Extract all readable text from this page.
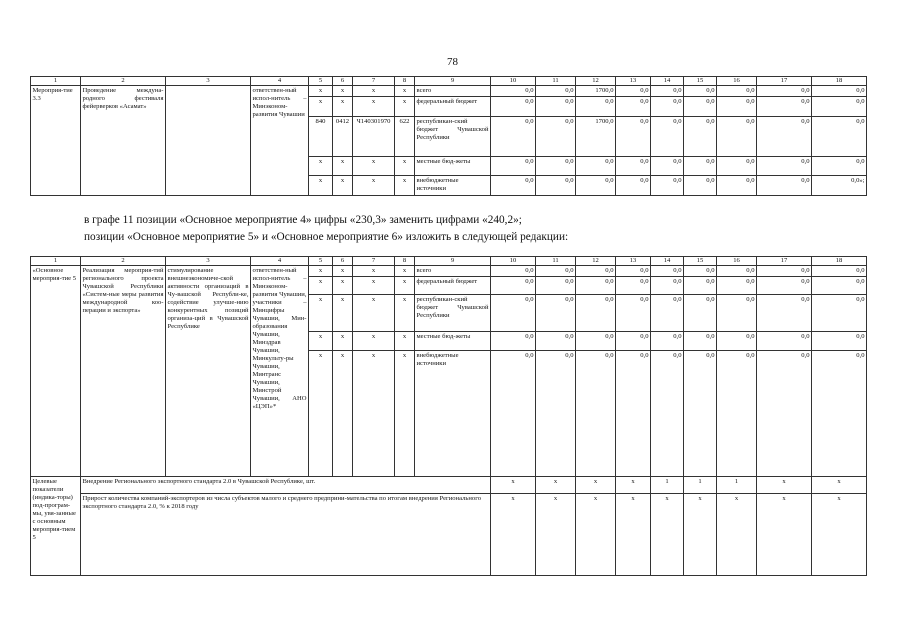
78
1	2	3	4	5	6	7	8	9	10	11	12	13	14	15	16	17	18
Мероприя-тие 3.3	Проведение междуна-родного фестиваля фейерверков «Асамат»		ответствен-ный испол-нитель – Минэконом-развития Чувашии	х	х	х	х	всего	0,0	0,0	1700,0	0,0	0,0	0,0	0,0	0,0	0,0
				х	х	х	х	федеральный бюджет	0,0	0,0	0,0	0,0	0,0	0,0	0,0	0,0	0,0
				840	0412	Ч140301970	622	республикан-ский бюджет Чувашской Республики	0,0	0,0	1700,0	0,0	0,0	0,0	0,0	0,0	0,0
				х	х	х	х	местные бюд-жеты	0,0	0,0	0,0	0,0	0,0	0,0	0,0	0,0	0,0
				х	х	х	х	внебюджетные источники	0,0	0,0	0,0	0,0	0,0	0,0	0,0	0,0	0,0»;
в графе 11 позиции «Основное мероприятие 4» цифры «230,3» заменить цифрами «240,2»;
позиции «Основное мероприятие 5» и «Основное мероприятие 6» изложить в следующей редакции:
1	2	3	4	5	6	7	8	9	10	11	12	13	14	15	16	17	18	
«Основное мероприя-тие 5	Реализация мероприя-тий регионального проекта Чувашской Республики «Систем-ные меры развития международной коо-перации и экспорта»	стимулирование внешнеэкономиче-ской активности организаций в Чу-вашской Республи-ке, содействие улучше-нию конкурентных позиций организа-ций в Чувашской Республике	ответствен-ный испол-нитель – Минэконом-развития Чувашии, участники – Минцифры Чувашии, Мин-образования Чувашии, Минздрав Чувашии, Минкульту-ры Чувашии, Минтранс Чувашии, Минстрой Чувашии, АНО «ЦЭП»*	х	х	х	х	всего	0,0	0,0	0,0	0,0	0,0	0,0	0,0	0,0	0,0	
				х	х	х	х	федеральный бюджет	0,0	0,0	0,0	0,0	0,0	0,0	0,0	0,0	0,0	
				х	х	х	х	республикан-ский бюджет Чувашской Республики	0,0	0,0	0,0	0,0	0,0	0,0	0,0	0,0	0,0	
				х	х	х	х	местные бюд-жеты	0,0	0,0	0,0	0,0	0,0	0,0	0,0	0,0	0,0	
				х	х	х	х	внебюджетные источники	0,0	0,0	0,0	0,0	0,0	0,0	0,0	0,0	0,0	
Целевые показатели (индика-торы) под-програм-мы, увя-занные с основным мероприя-тием 5	Внедрение Регионального экспортного стандарта 2.0 в Чувашской Республике, шт.								х	х	х	х	1	1	1	х	х	
	Прирост количества компаний-экспортеров из числа субъектов малого и среднего предприни-мательства по итогам внедрения Регионального экспортного стандарта 2.0, % к 2018 году								х	х	х	х	х	х	х	х	х	
